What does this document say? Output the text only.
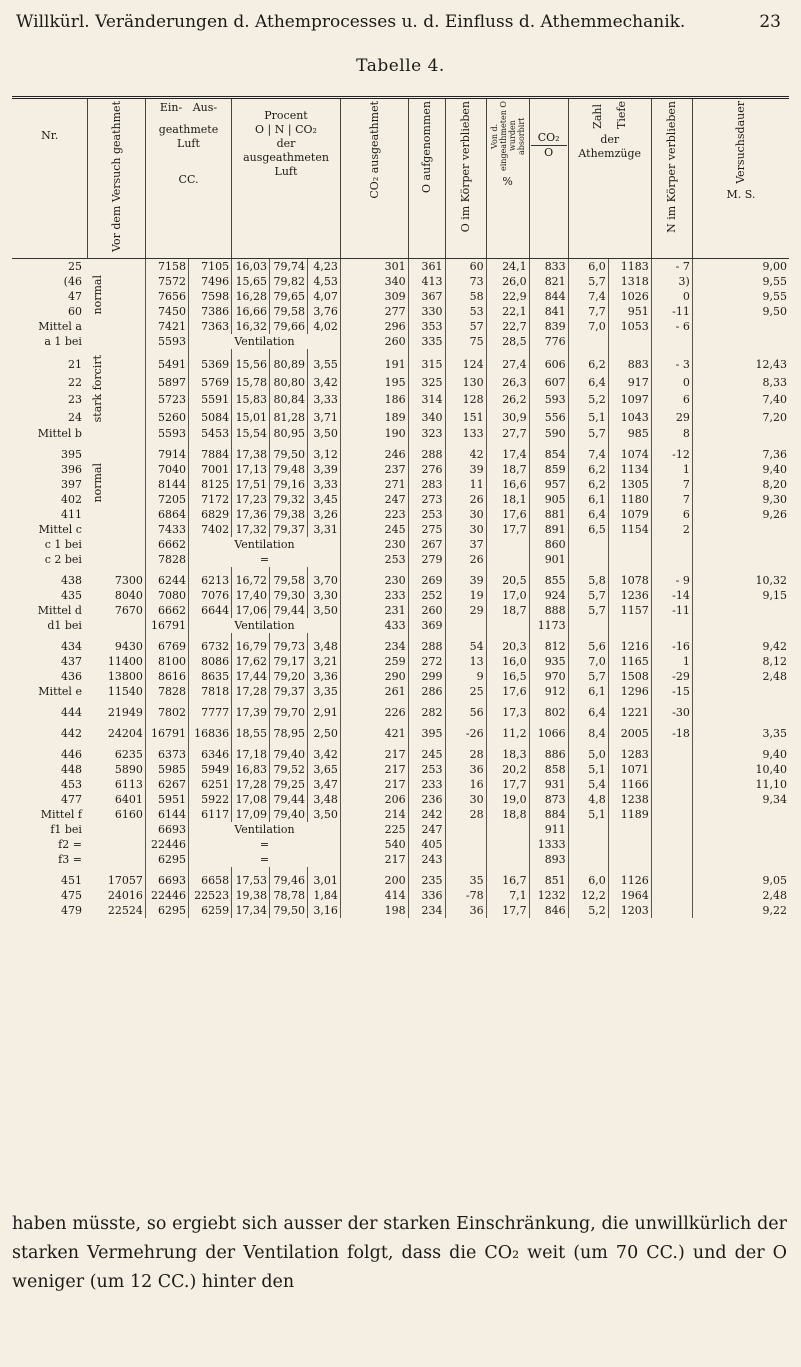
Willkürl. Veränderungen d. Athemprocesses u. d. Einfluss d. Athemmechanik.	23
Tabelle 4.
Nr.	Vor dem Versuch geathmet		Ein- Aus-
geathmete
Luft
CC.		Procent
O | N | CO₂
der ausgeathmeten Luft			CO₂ ausgeathmet	O aufgenommen	O im Körper verblieben	Von d. eingeathmeten O wurden absorbirt
%	CO₂
O	Zahl Tiefe
der Athemzüge		N im Körper verblieben	Versuchsdauer
M. S.

25	normal		7158	7105	16,03	79,74	4,23	301	361	60	24,1	833	6,0	1183	- 7	9,00
(46			7572	7496	15,65	79,82	4,53	340	413	73	26,0	821	5,7	1318	3)	9,55
47			7656	7598	16,28	79,65	4,07	309	367	58	22,9	844	7,4	1026	0	9,55
60			7450	7386	16,66	79,58	3,76	277	330	53	22,1	841	7,7	951	-11	9,50
Mittel a			7421	7363	16,32	79,66	4,02	296	353	57	22,7	839	7,0	1053	- 6	
a 1 bei			5593	Ventilation				260	335	75	28,5	776				
21	stark forcirt		5491	5369	15,56	80,89	3,55	191	315	124	27,4	606	6,2	883	- 3	12,43
22			5897	5769	15,78	80,80	3,42	195	325	130	26,3	607	6,4	917	0	8,33
23			5723	5591	15,83	80,84	3,33	186	314	128	26,2	593	5,2	1097	6	7,40
24			5260	5084	15,01	81,28	3,71	189	340	151	30,9	556	5,1	1043	29	7,20
Mittel b			5593	5453	15,54	80,95	3,50	190	323	133	27,7	590	5,7	985	8	
395	normal		7914	7884	17,38	79,50	3,12	246	288	42	17,4	854	7,4	1074	-12	7,36
396			7040	7001	17,13	79,48	3,39	237	276	39	18,7	859	6,2	1134	1	9,40
397			8144	8125	17,51	79,16	3,33	271	283	11	16,6	957	6,2	1305	7	8,20
402			7205	7172	17,23	79,32	3,45	247	273	26	18,1	905	6,1	1180	7	9,30
411			6864	6829	17,36	79,38	3,26	223	253	30	17,6	881	6,4	1079	6	9,26
Mittel c			7433	7402	17,32	79,37	3,31	245	275	30	17,7	891	6,5	1154	2	
c 1 bei			6662	Ventilation				230	267	37		860				
c 2 bei			7828	=				253	279	26		901				
438		7300	6244	6213	16,72	79,58	3,70	230	269	39	20,5	855	5,8	1078	- 9	10,32
435		8040	7080	7076	17,40	79,30	3,30	233	252	19	17,0	924	5,7	1236	-14	9,15
Mittel d		7670	6662	6644	17,06	79,44	3,50	231	260	29	18,7	888	5,7	1157	-11	
d1 bei			16791	Ventilation				433	369			1173				
434		9430	6769	6732	16,79	79,73	3,48	234	288	54	20,3	812	5,6	1216	-16	9,42
437		11400	8100	8086	17,62	79,17	3,21	259	272	13	16,0	935	7,0	1165	1	8,12
436		13800	8616	8635	17,44	79,20	3,36	290	299	9	16,5	970	5,7	1508	-29	2,48
Mittel e		11540	7828	7818	17,28	79,37	3,35	261	286	25	17,6	912	6,1	1296	-15	
444		21949	7802	7777	17,39	79,70	2,91	226	282	56	17,3	802	6,4	1221	-30	
442		24204	16791	16836	18,55	78,95	2,50	421	395	-26	11,2	1066	8,4	2005	-18	3,35
446		6235	6373	6346	17,18	79,40	3,42	217	245	28	18,3	886	5,0	1283		9,40
448		5890	5985	5949	16,83	79,52	3,65	217	253	36	20,2	858	5,1	1071		10,40
453		6113	6267	6251	17,28	79,25	3,47	217	233	16	17,7	931	5,4	1166		11,10
477		6401	5951	5922	17,08	79,44	3,48	206	236	30	19,0	873	4,8	1238		9,34
Mittel f		6160	6144	6117	17,09	79,40	3,50	214	242	28	18,8	884	5,1	1189		
f1 bei			6693	Ventilation				225	247			911				
f2 =			22446	=				540	405			1333				
f3 =			6295	=				217	243			893				
451		17057	6693	6658	17,53	79,46	3,01	200	235	35	16,7	851	6,0	1126		9,05
475		24016	22446	22523	19,38	78,78	1,84	414	336	-78	7,1	1232	12,2	1964		2,48
479		22524	6295	6259	17,34	79,50	3,16	198	234	36	17,7	846	5,2	1203		9,22
haben müsste, so ergiebt sich ausser der starken Einschränkung, die unwillkürlich der starken Vermehrung der Ventilation folgt, dass die CO₂ weit (um 70 CC.) und der O weniger (um 12 CC.) hinter den
